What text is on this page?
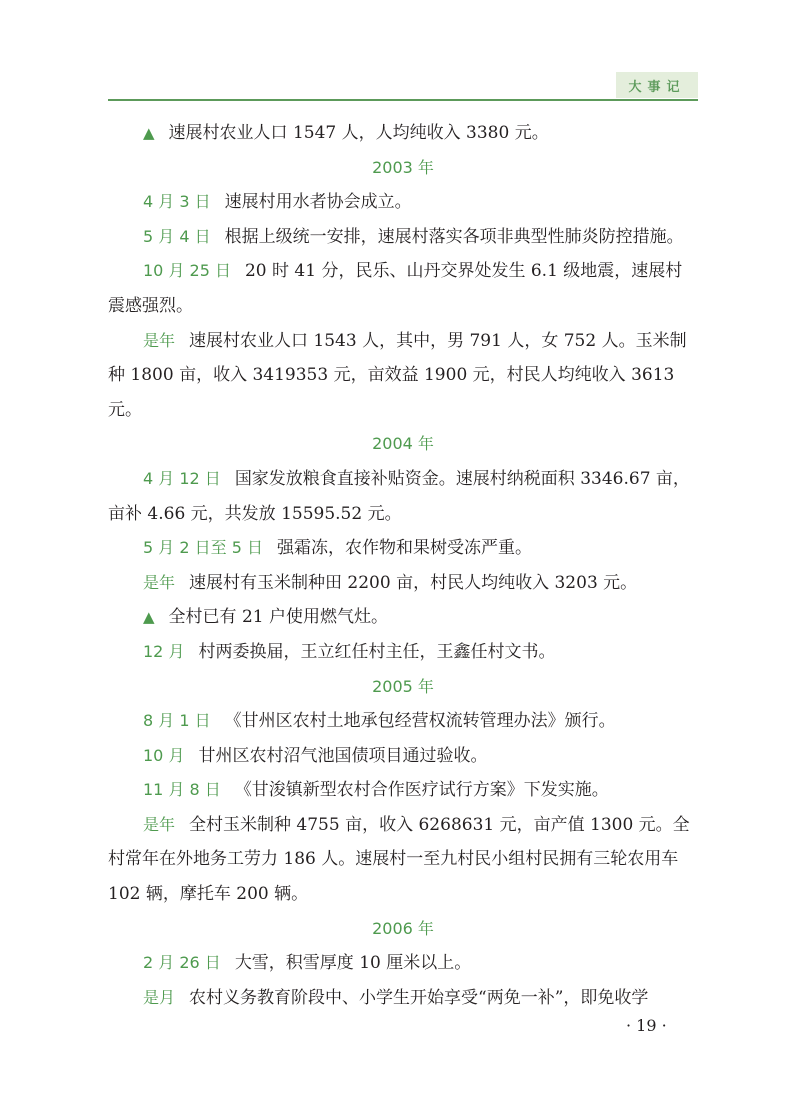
大事记

▲ 速展村农业人口 1547 人，人均纯收入 3380 元。

2003 年

4 月 3 日 速展村用水者协会成立。

5 月 4 日 根据上级统一安排，速展村落实各项非典型性肺炎防控措施。

10 月 25 日 20 时 41 分，民乐、山丹交界处发生 6.1 级地震，速展村震感强烈。

是年 速展村农业人口 1543 人，其中，男 791 人，女 752 人。玉米制种 1800 亩，收入 3419353 元，亩效益 1900 元，村民人均纯收入 3613 元。

2004 年

4 月 12 日 国家发放粮食直接补贴资金。速展村纳税面积 3346.67 亩，亩补 4.66 元，共发放 15595.52 元。

5 月 2 日至 5 日 强霜冻，农作物和果树受冻严重。

是年 速展村有玉米制种田 2200 亩，村民人均纯收入 3203 元。

▲ 全村已有 21 户使用燃气灶。

12 月 村两委换届，王立红任村主任，王鑫任村文书。

2005 年

8 月 1 日 《甘州区农村土地承包经营权流转管理办法》颁行。

10 月 甘州区农村沼气池国债项目通过验收。

11 月 8 日 《甘浚镇新型农村合作医疗试行方案》下发实施。

是年 全村玉米制种 4755 亩，收入 6268631 元，亩产值 1300 元。全村常年在外地务工劳力 186 人。速展村一至九村民小组村民拥有三轮农用车 102 辆，摩托车 200 辆。

2006 年

2 月 26 日 大雪，积雪厚度 10 厘米以上。

是月 农村义务教育阶段中、小学生开始享受“两免一补”，即免收学

· 19 ·
